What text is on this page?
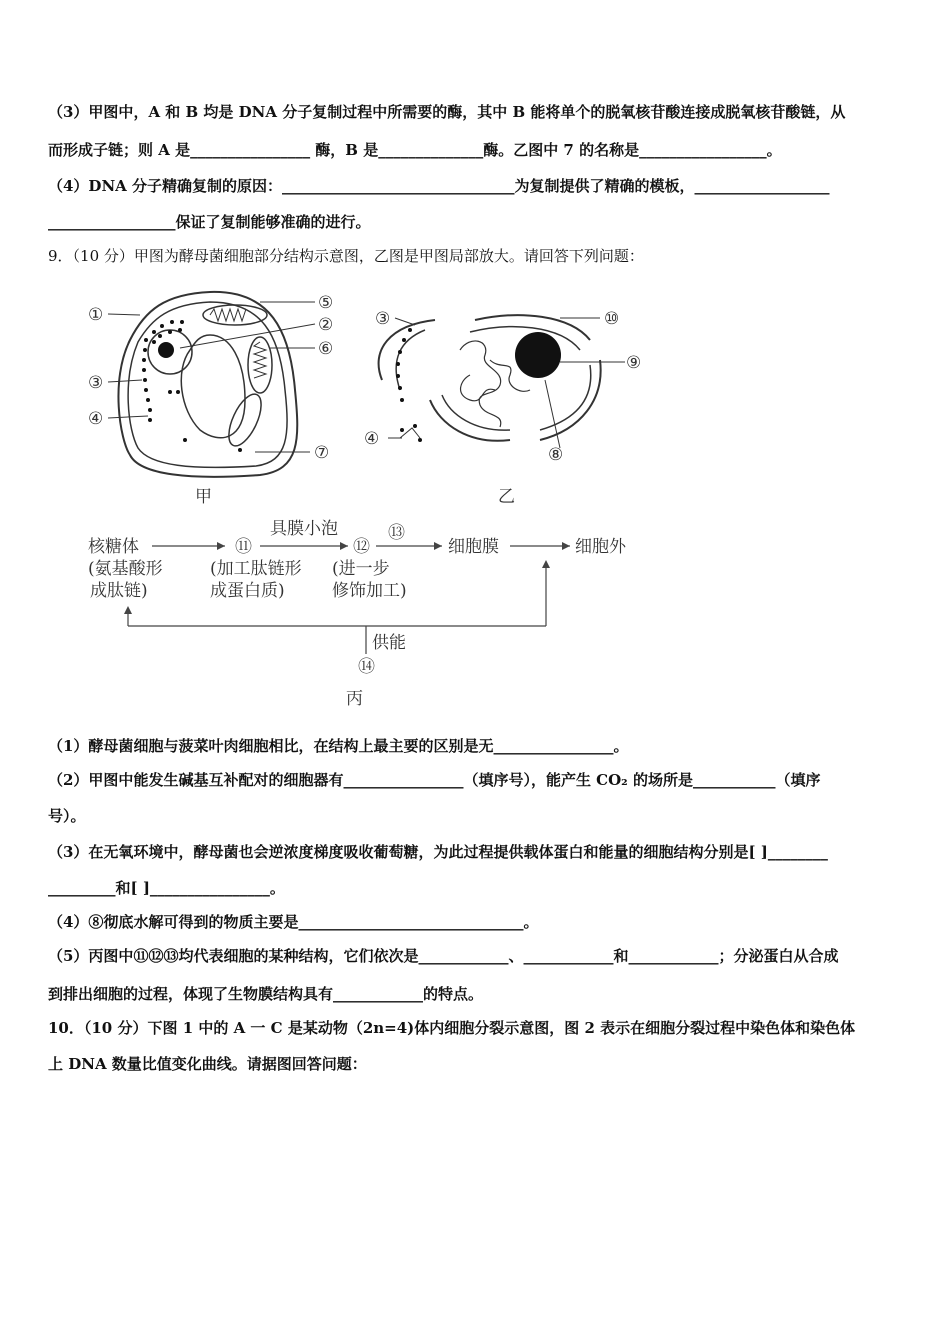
（3）甲图中，A 和 B 均是 DNA 分子复制过程中所需要的酶，其中 B 能将单个的脱氧核苷酸连接成脱氧核苷酸链，从
而形成子链；则 A 是________________ 酶，B 是______________酶。乙图中 7 的名称是_________________。
（4）DNA 分子精确复制的原因：_______________________________为复制提供了精确的模板，__________________
_________________保证了复制能够准确的进行。
9．（10 分）甲图为酵母菌细胞部分结构示意图，乙图是甲图局部放大。请回答下列问题：
①	②
③
④
⑤
⑥
⑦
甲
③
④
⑧
⑨
⑩
乙
核糖体
(氨基酸形
成肽链)
⑪
(加工肽链形
成蛋白质)
具膜小泡
⑫
(进一步
修饰加工)
⑬
细胞膜	细胞外
供能
⑭
丙
（1）酵母菌细胞与菠菜叶肉细胞相比，在结构上最主要的区别是无________________。
（2）甲图中能发生碱基互补配对的细胞器有________________（填序号），能产生 CO₂ 的场所是___________（填序
号）。
（3）在无氧环境中，酵母菌也会逆浓度梯度吸收葡萄糖，为此过程提供载体蛋白和能量的细胞结构分别是[ ]________
_________和[ ]________________。
（4）⑧彻底水解可得到的物质主要是______________________________。
（5）丙图中⑪⑫⑬均代表细胞的某种结构，它们依次是____________、____________和____________；分泌蛋白从合成
到排出细胞的过程，体现了生物膜结构具有____________的特点。
10．（10 分）下图 1 中的 A 一 C 是某动物（2n=4)体内细胞分裂示意图，图 2 表示在细胞分裂过程中染色体和染色体
上 DNA 数量比值变化曲线。请据图回答问题：
